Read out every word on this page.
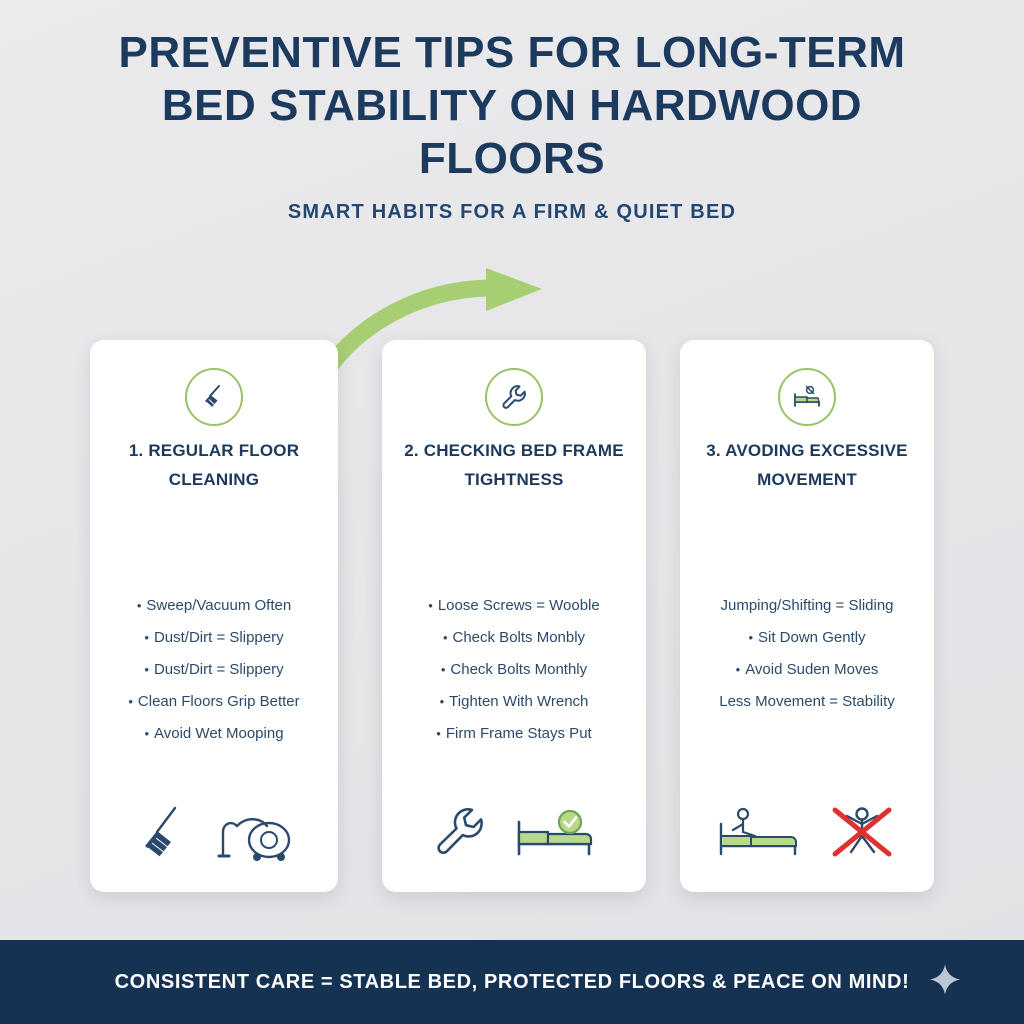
PREVENTIVE TIPS FOR LONG-TERM BED STABILITY ON HARDWOOD FLOORS
SMART HABITS FOR A FIRM & QUIET BED
1. REGULAR FLOOR CLEANING
• Sweep/Vacuum Often
• Dust/Dirt = Slippery
• Dust/Dirt = Slippery
• Clean Floors Grip Better
• Avoid Wet Mooping
2. CHECKING BED FRAME TIGHTNESS
• Loose Screws = Wooble
• Check Bolts Monbly
• Check Bolts Monthly
• Tighten With Wrench
• Firm Frame Stays Put
3. AVODING EXCESSIVE MOVEMENT
Jumping/Shifting = Sliding
• Sit Down Gently
• Avoid Suden Moves
Less Movement = Stability
CONSISTENT CARE = STABLE BED, PROTECTED FLOORS & PEACE ON MIND!
